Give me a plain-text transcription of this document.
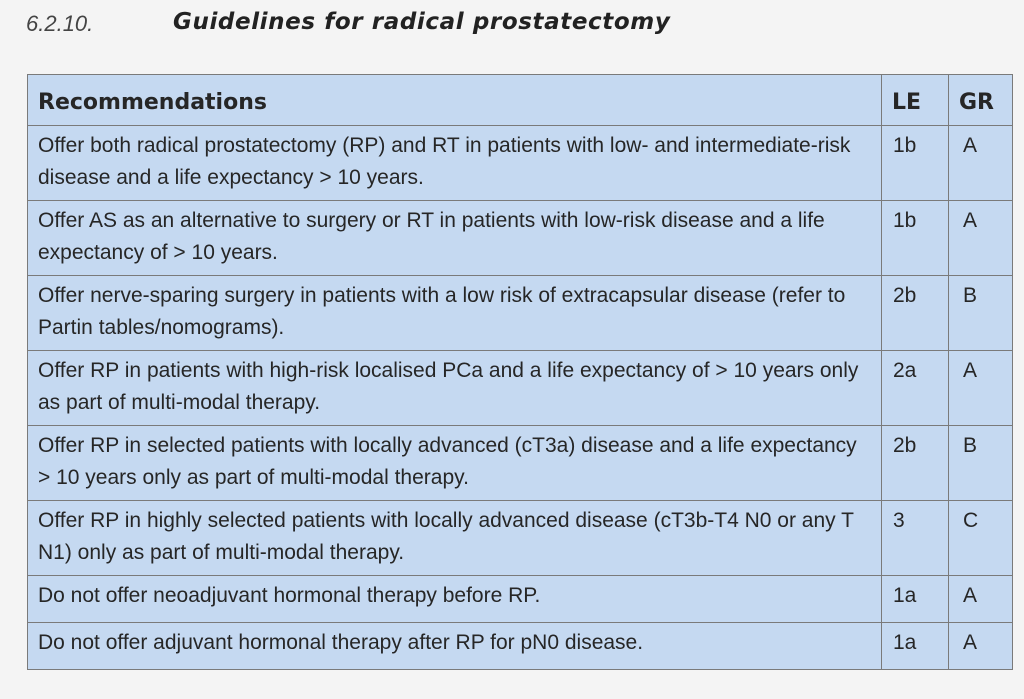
6.2.10.	Guidelines for radical prostatectomy
Recommendations	LE	GR
Offer both radical prostatectomy (RP) and RT in patients with low- and intermediate-risk disease and a life expectancy > 10 years.	1b	A
Offer AS as an alternative to surgery or RT in patients with low-risk disease and a life expectancy of > 10 years.	1b	A
Offer nerve-sparing surgery in patients with a low risk of extracapsular disease (refer to Partin tables/nomograms).	2b	B
Offer RP in patients with high-risk localised PCa and a life expectancy of > 10 years only as part of multi-modal therapy.	2a	A
Offer RP in selected patients with locally advanced (cT3a) disease and a life expectancy > 10 years only as part of multi-modal therapy.	2b	B
Offer RP in highly selected patients with locally advanced disease (cT3b-T4 N0 or any T N1) only as part of multi-modal therapy.	3	C
Do not offer neoadjuvant hormonal therapy before RP.	1a	A
Do not offer adjuvant hormonal therapy after RP for pN0 disease.	1a	A
